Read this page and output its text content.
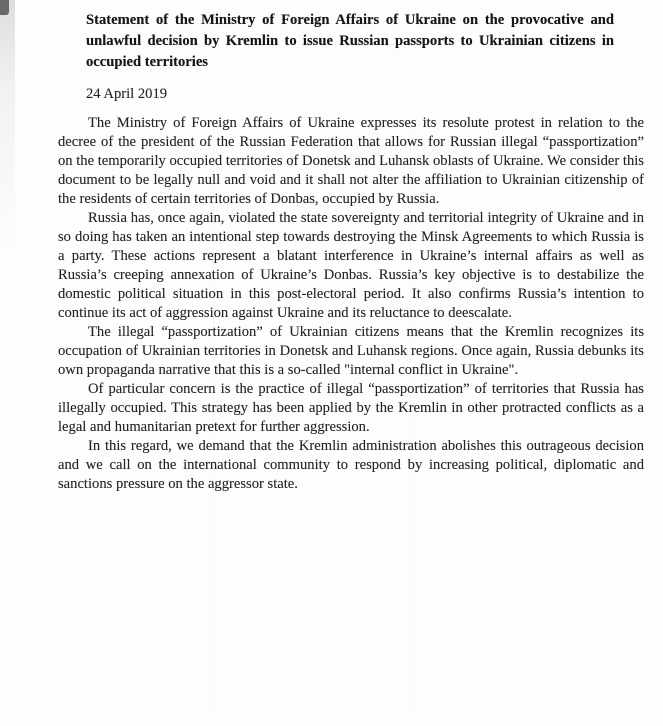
Statement of the Ministry of Foreign Affairs of Ukraine on the provocative and unlawful decision by Kremlin to issue Russian passports to Ukrainian citizens in occupied territories

24 April 2019

The Ministry of Foreign Affairs of Ukraine expresses its resolute protest in relation to the decree of the president of the Russian Federation that allows for Russian illegal “passportization” on the temporarily occupied territories of Donetsk and Luhansk oblasts of Ukraine. We consider this document to be legally null and void and it shall not alter the affiliation to Ukrainian citizenship of the residents of certain territories of Donbas, occupied by Russia.

Russia has, once again, violated the state sovereignty and territorial integrity of Ukraine and in so doing has taken an intentional step towards destroying the Minsk Agreements to which Russia is a party. These actions represent a blatant interference in Ukraine’s internal affairs as well as Russia’s creeping annexation of Ukraine’s Donbas. Russia’s key objective is to destabilize the domestic political situation in this post-electoral period. It also confirms Russia’s intention to continue its act of aggression against Ukraine and its reluctance to deescalate.

The illegal “passportization” of Ukrainian citizens means that the Kremlin recognizes its occupation of Ukrainian territories in Donetsk and Luhansk regions. Once again, Russia debunks its own propaganda narrative that this is a so-called "internal conflict in Ukraine".

Of particular concern is the practice of illegal “passportization” of territories that Russia has illegally occupied. This strategy has been applied by the Kremlin in other protracted conflicts as a legal and humanitarian pretext for further aggression.

In this regard, we demand that the Kremlin administration abolishes this outrageous decision and we call on the international community to respond by increasing political, diplomatic and sanctions pressure on the aggressor state.
